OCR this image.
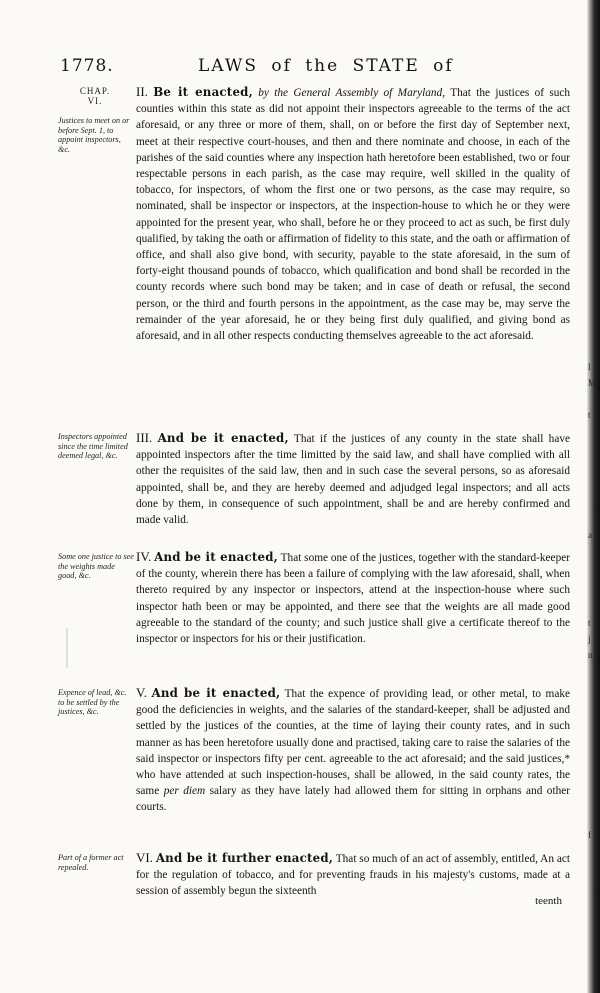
1778.	LAWS of the STATE of
CHAP.
VI.
Justices to meet on or before Sept. 1, to appoint inspectors, &c.
Inspectors appointed since the time limited deemed legal, &c.
Some one justice to see the weights made good, &c.
Expence of lead, &c. to be settled by the justices, &c.
Part of a former act repealed.
II. Be it enacted, by the General Assembly of Maryland, That the justices of such counties within this state as did not appoint their inspectors agreeable to the terms of the act aforesaid, or any three or more of them, shall, on or before the first day of September next, meet at their respective court-houses, and then and there nominate and choose, in each of the parishes of the said counties where any inspection hath heretofore been established, two or four respectable persons in each parish, as the case may require, well skilled in the quality of tobacco, for inspectors, of whom the first one or two persons, as the case may require, so nominated, shall be inspector or inspectors, at the inspection-house to which he or they were appointed for the present year, who shall, before he or they proceed to act as such, be first duly qualified, by taking the oath or affirmation of fidelity to this state, and the oath or affirmation of office, and shall also give bond, with security, payable to the state aforesaid, in the sum of forty-eight thousand pounds of tobacco, which qualification and bond shall be recorded in the county records where such bond may be taken; and in case of death or refusal, the second person, or the third and fourth persons in the appointment, as the case may be, may serve the remainder of the year aforesaid, he or they being first duly qualified, and giving bond as aforesaid, and in all other respects conducting themselves agreeable to the act aforesaid.
III. And be it enacted, That if the justices of any county in the state shall have appointed inspectors after the time limitted by the said law, and shall have complied with all other the requisites of the said law, then and in such case the several persons, so as aforesaid appointed, shall be, and they are hereby deemed and adjudged legal inspectors; and all acts done by them, in consequence of such appointment, shall be and are hereby confirmed and made valid.
IV. And be it enacted, That some one of the justices, together with the standard-keeper of the county, wherein there has been a failure of complying with the law aforesaid, shall, when thereto required by any inspector or inspectors, attend at the inspection-house where such inspector hath been or may be appointed, and there see that the weights are all made good agreeable to the standard of the county; and such justice shall give a certificate thereof to the inspector or inspectors for his or their justification.
V. And be it enacted, That the expence of providing lead, or other metal, to make good the deficiencies in weights, and the salaries of the standard-keeper, shall be adjusted and settled by the justices of the counties, at the time of laying their county rates, and in such manner as has been heretofore usually done and practised, taking care to raise the salaries of the said inspector or inspectors fifty per cent. agreeable to the act aforesaid; and the said justices,* who have attended at such inspection-houses, shall be allowed, in the said county rates, the same per diem salary as they have lately had allowed them for sitting in orphans and other courts.
VI. And be it further enacted, That so much of an act of assembly, entitled, An act for the regulation of tobacco, and for preventing frauds in his majesty's customs, made at a session of assembly begun the sixteenth
teenth
l
M
t
a
t
j
n
f
